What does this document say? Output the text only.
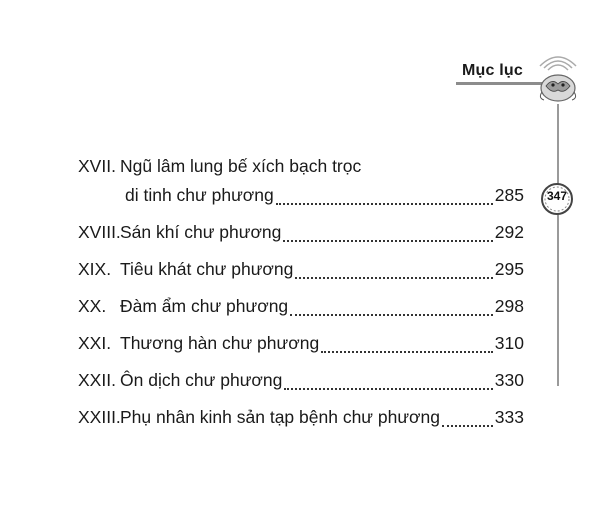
Mục lục
347
XVII. Ngũ lâm lung bế xích bạch trọc
di tinh chư phương	285
XVIII. Sán khí chư phương	292
XIX. Tiêu khát chư phương	295
XX. Đàm ẩm chư phương	298
XXI. Thương hàn chư phương	310
XXII. Ôn dịch chư phương	330
XXIII. Phụ nhân kinh sản tạp bệnh chư phương	333
